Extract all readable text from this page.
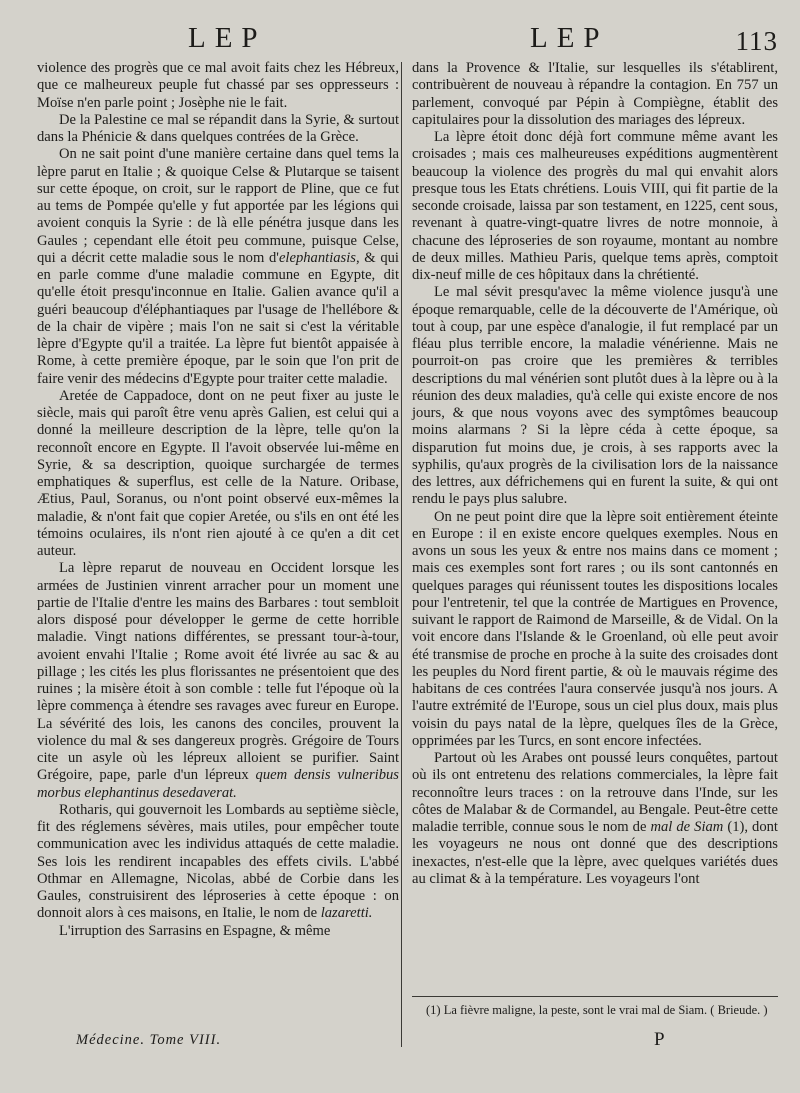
LEP	LEP	113

violence des progrès que ce mal avoit faits chez les Hébreux, que ce malheureux peuple fut chassé par ses oppresseurs : Moïse n'en parle point ; Josèphe nie le fait.

De la Palestine ce mal se répandit dans la Syrie, & surtout dans la Phénicie & dans quelques contrées de la Grèce.

On ne sait point d'une manière certaine dans quel tems la lèpre parut en Italie ; & quoique Celse & Plutarque se taisent sur cette époque, on croit, sur le rapport de Pline, que ce fut au tems de Pompée qu'elle y fut apportée par les légions qui avoient conquis la Syrie : de là elle pénétra jusque dans les Gaules ; cependant elle étoit peu commune, puisque Celse, qui a décrit cette maladie sous le nom d'elephantiasis, & qui en parle comme d'une maladie commune en Egypte, dit qu'elle étoit presqu'inconnue en Italie. Galien avance qu'il a guéri beaucoup d'éléphantiaques par l'usage de l'hellébore & de la chair de vipère ; mais l'on ne sait si c'est la véritable lèpre d'Egypte qu'il a traitée. La lèpre fut bientôt appaisée à Rome, à cette première époque, par le soin que l'on prit de faire venir des médecins d'Egypte pour traiter cette maladie.

Aretée de Cappadoce, dont on ne peut fixer au juste le siècle, mais qui paroît être venu après Galien, est celui qui a donné la meilleure description de la lèpre, telle qu'on la reconnoît encore en Egypte. Il l'avoit observée lui-même en Syrie, & sa description, quoique surchargée de termes emphatiques & superflus, est celle de la Nature. Oribase, Ætius, Paul, Soranus, ou n'ont point observé eux-mêmes la maladie, & n'ont fait que copier Aretée, ou s'ils en ont été les témoins oculaires, ils n'ont rien ajouté à ce qu'en a dit cet auteur.

La lèpre reparut de nouveau en Occident lorsque les armées de Justinien vinrent arracher pour un moment une partie de l'Italie d'entre les mains des Barbares : tout sembloit alors disposé pour développer le germe de cette horrible maladie. Vingt nations différentes, se pressant tour-à-tour, avoient envahi l'Italie ; Rome avoit été livrée au sac & au pillage ; les cités les plus florissantes ne présentoient que des ruines ; la misère étoit à son comble : telle fut l'époque où la lèpre commença à étendre ses ravages avec fureur en Europe. La sévérité des lois, les canons des conciles, prouvent la violence du mal & ses dangereux progrès. Grégoire de Tours cite un asyle où les lépreux alloient se purifier. Saint Grégoire, pape, parle d'un lépreux quem densis vulneribus morbus elephantinus desedaverat.

Rotharis, qui gouvernoit les Lombards au septième siècle, fit des réglemens sévères, mais utiles, pour empêcher toute communication avec les individus attaqués de cette maladie. Ses lois les rendirent incapables des effets civils. L'abbé Othmar en Allemagne, Nicolas, abbé de Corbie dans les Gaules, construisirent des léproseries à cette époque : on donnoit alors à ces maisons, en Italie, le nom de lazaretti.

L'irruption des Sarrasins en Espagne, & même

dans la Provence & l'Italie, sur lesquelles ils s'établirent, contribuèrent de nouveau à répandre la contagion. En 757 un parlement, convoqué par Pépin à Compiègne, établit des capitulaires pour la dissolution des mariages des lépreux.

La lèpre étoit donc déjà fort commune même avant les croisades ; mais ces malheureuses expéditions augmentèrent beaucoup la violence des progrès du mal qui envahit alors presque tous les Etats chrétiens. Louis VIII, qui fit partie de la seconde croisade, laissa par son testament, en 1225, cent sous, revenant à quatre-vingt-quatre livres de notre monnoie, à chacune des léproseries de son royaume, montant au nombre de deux milles. Mathieu Paris, quelque tems après, comptoit dix-neuf mille de ces hôpitaux dans la chrétienté.

Le mal sévit presqu'avec la même violence jusqu'à une époque remarquable, celle de la découverte de l'Amérique, où tout à coup, par une espèce d'analogie, il fut remplacé par un fléau plus terrible encore, la maladie vénérienne. Mais ne pourroit-on pas croire que les premières & terribles descriptions du mal vénérien sont plutôt dues à la lèpre ou à la réunion des deux maladies, qu'à celle qui existe encore de nos jours, & que nous voyons avec des symptômes beaucoup moins alarmans ? Si la lèpre céda à cette époque, sa disparution fut moins due, je crois, à ses rapports avec la syphilis, qu'aux progrès de la civilisation lors de la naissance des lettres, aux défrichemens qui en furent la suite, & qui ont rendu le pays plus salubre.

On ne peut point dire que la lèpre soit entièrement éteinte en Europe : il en existe encore quelques exemples. Nous en avons un sous les yeux & entre nos mains dans ce moment ; mais ces exemples sont fort rares ; ou ils sont cantonnés en quelques parages qui réunissent toutes les dispositions locales pour l'entretenir, tel que la contrée de Martigues en Provence, suivant le rapport de Raimond de Marseille, & de Vidal. On la voit encore dans l'Islande & le Groenland, où elle peut avoir été transmise de proche en proche à la suite des croisades dont les peuples du Nord firent partie, & où le mauvais régime des habitans de ces contrées l'aura conservée jusqu'à nos jours. A l'autre extrémité de l'Europe, sous un ciel plus doux, mais plus voisin du pays natal de la lèpre, quelques îles de la Grèce, opprimées par les Turcs, en sont encore infectées.

Partout où les Arabes ont poussé leurs conquêtes, partout où ils ont entretenu des relations commerciales, la lèpre fait reconnoître leurs traces : on la retrouve dans l'Inde, sur les côtes de Malabar & de Cormandel, au Bengale. Peut-être cette maladie terrible, connue sous le nom de mal de Siam (1), dont les voyageurs ne nous ont donné que des descriptions inexactes, n'est-elle que la lèpre, avec quelques variétés dues au climat & à la température. Les voyageurs l'ont

(1) La fièvre maligne, la peste, sont le vrai mal de Siam. ( Brieude. )
Médecine. Tome VIII.	P
